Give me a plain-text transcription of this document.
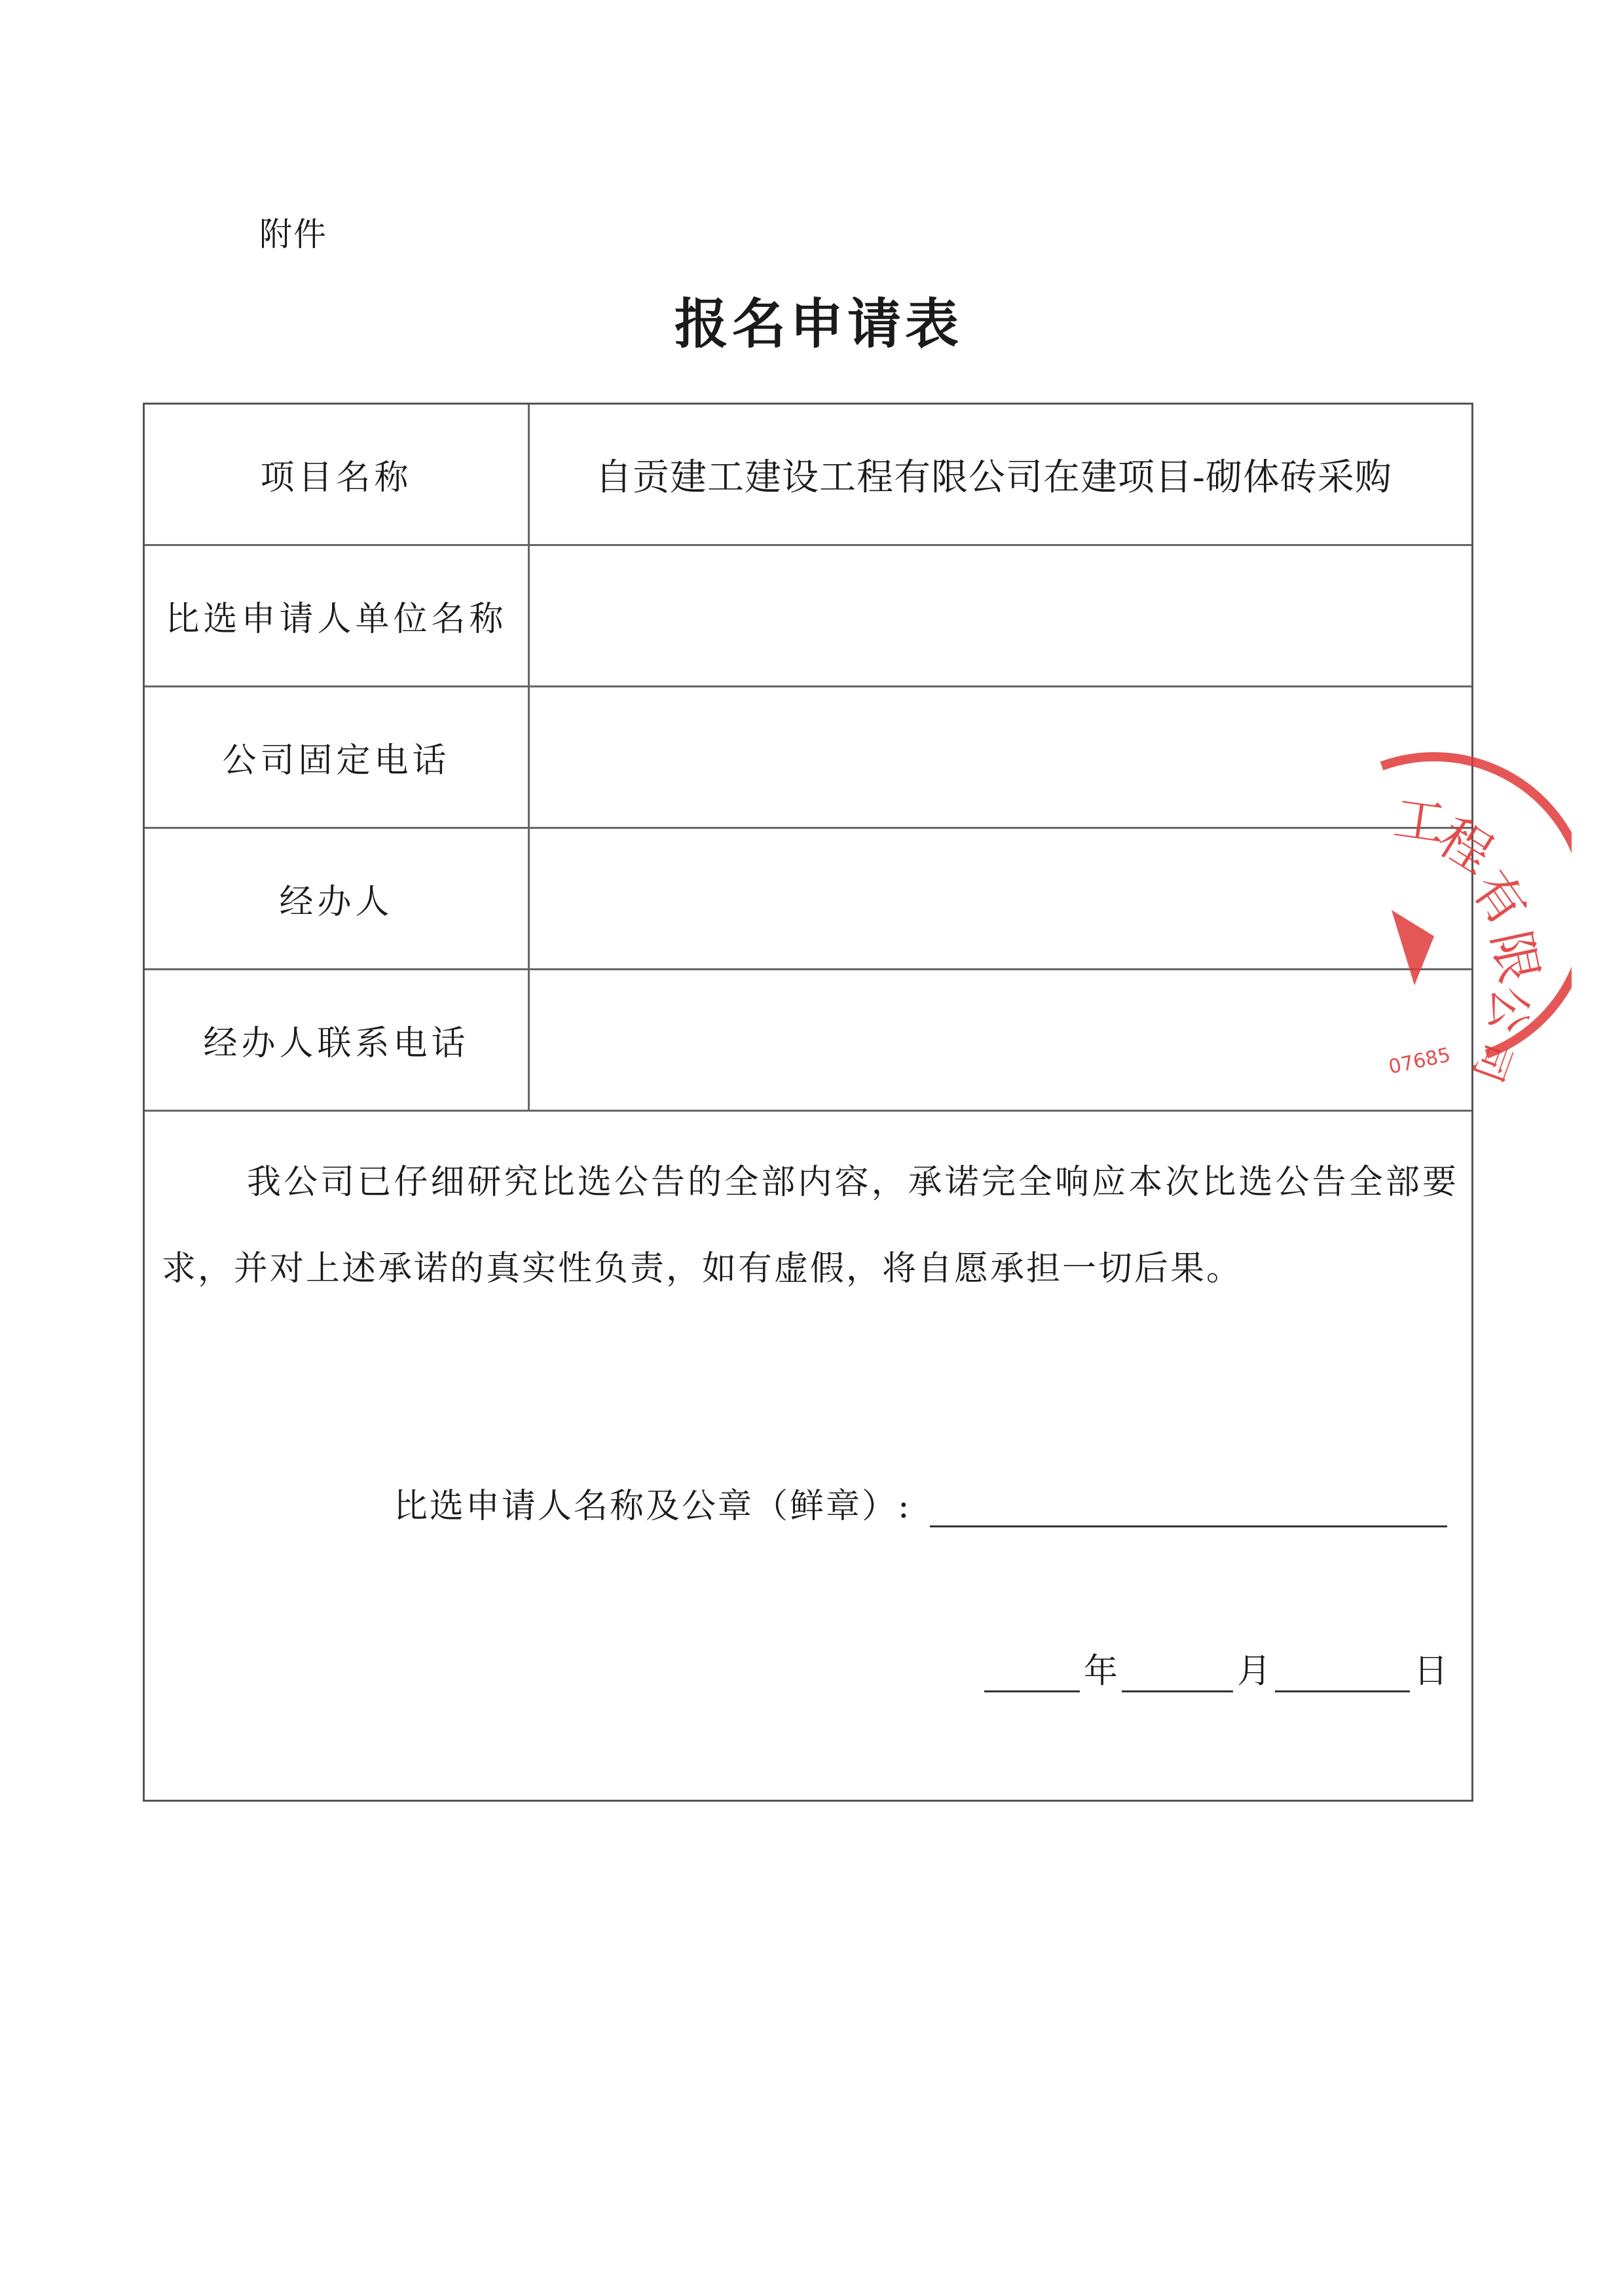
附件
报名申请表
项目名称	自贡建工建设工程有限公司在建项目-砌体砖采购
比选申请人单位名称
公司固定电话
经办人
经办人联系电话
我公司已仔细研究比选公告的全部内容，承诺完全响应本次比选公告全部要求，并对上述承诺的真实性负责，如有虚假，将自愿承担一切后果。
比选申请人名称及公章（鲜章）:
年	月	日
工
程
有
限
公
司
07685
